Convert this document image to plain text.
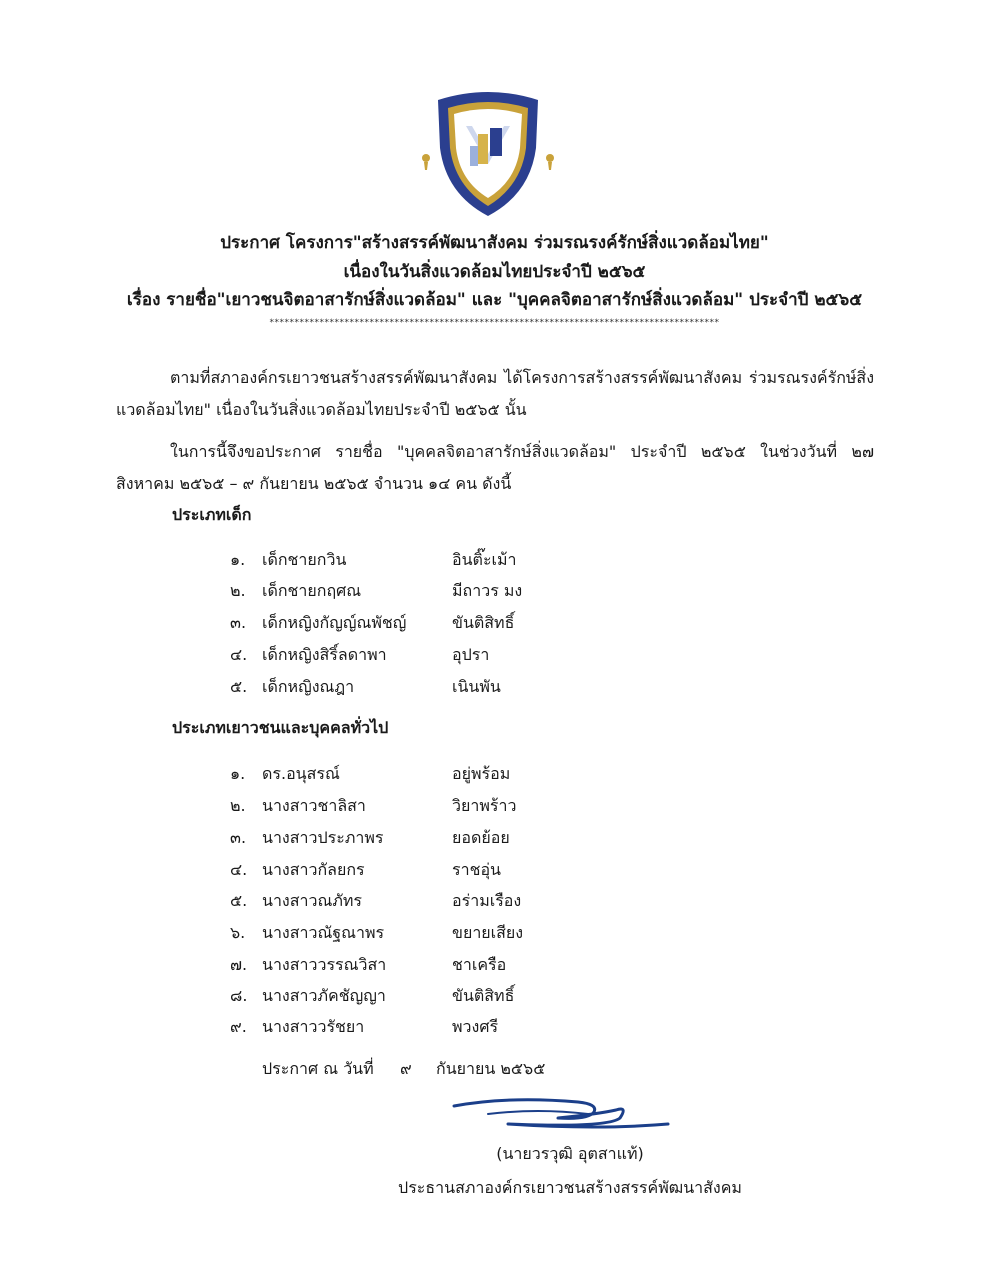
ประกาศ โครงการ"สร้างสรรค์พัฒนาสังคม ร่วมรณรงค์รักษ์สิ่งแวดล้อมไทย"
เนื่องในวันสิ่งแวดล้อมไทยประจำปี ๒๕๖๕
เรื่อง รายชื่อ"เยาวชนจิตอาสารักษ์สิ่งแวดล้อม" และ "บุคคลจิตอาสารักษ์สิ่งแวดล้อม" ประจำปี ๒๕๖๕
******************************************************************************************
ตามที่สภาองค์กรเยาวชนสร้างสรรค์พัฒนาสังคม ได้โครงการสร้างสรรค์พัฒนาสังคม ร่วมรณรงค์รักษ์สิ่งแวดล้อมไทย" เนื่องในวันสิ่งแวดล้อมไทยประจำปี ๒๕๖๕ นั้น
ในการนี้จึงขอประกาศ รายชื่อ "บุคคลจิตอาสารักษ์สิ่งแวดล้อม" ประจำปี ๒๕๖๕ ในช่วงวันที่ ๒๗ สิงหาคม ๒๕๖๕ – ๙ กันยายน ๒๕๖๕ จำนวน ๑๔ คน ดังนี้
ประเภทเด็ก
๑.	เด็กชายกวิน	อินติ๊ะเม้า
๒.	เด็กชายกฤศณ	มีถาวร มง
๓. เด็กหญิงกัญญ์ณพัชญ์	ขันติสิทธิ์
๔. เด็กหญิงสิริ์ลดาพา	อุปรา
๕. เด็กหญิงณฎา	เนินพัน
ประเภทเยาวชนและบุคคลทั่วไป
๑.	ดร.อนุสรณ์	อยู่พร้อม
๒.	นางสาวชาลิสา	วิยาพร้าว
๓. นางสาวประภาพร	ยอดย้อย
๔. นางสาวกัลยกร	ราชอุ่น
๕. นางสาวณภัทร	อร่ามเรือง
๖.	นางสาวณัฐณาพร	ขยายเสียง
๗. นางสาววรรณวิสา	ชาเครือ
๘. นางสาวภัคชัญญา	ขันติสิทธิ์
๙. นางสาววรัชยา	พวงศรี
ประกาศ ณ วันที่ ๙ กันยายน ๒๕๖๕
(นายวรวุฒิ อุตสาแท้)
ประธานสภาองค์กรเยาวชนสร้างสรรค์พัฒนาสังคม
